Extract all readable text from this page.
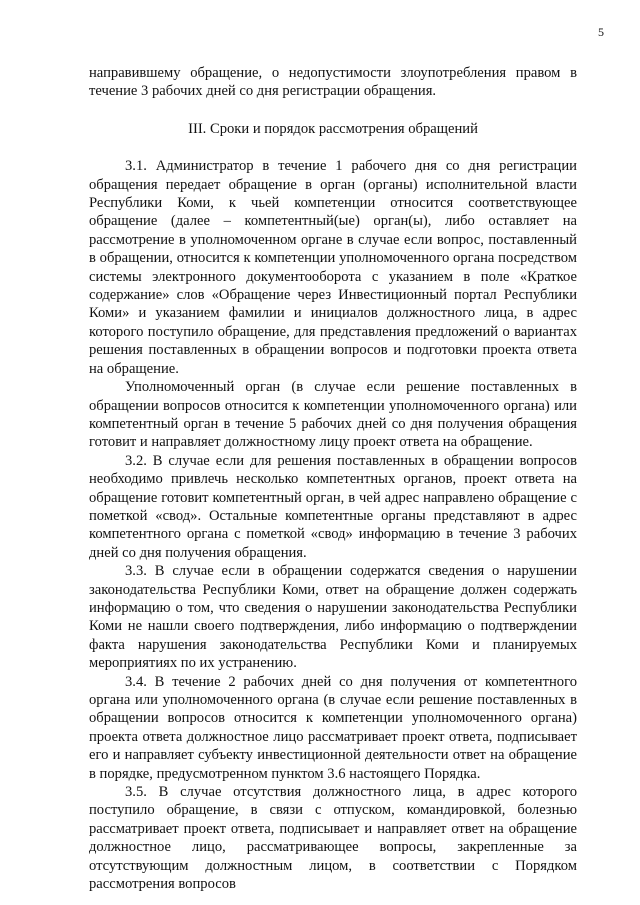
5

направившему обращение, о недопустимости злоупотребления правом в течение 3 рабочих дней со дня регистрации обращения.

III. Сроки и порядок рассмотрения обращений

3.1. Администратор в течение 1 рабочего дня со дня регистрации обращения передает обращение в орган (органы) исполнительной власти Республики Коми, к чьей компетенции относится соответствующее обращение (далее – компетентный(ые) орган(ы), либо оставляет на рассмотрение в уполномоченном органе в случае если вопрос, поставленный в обращении, относится к компетенции уполномоченного органа посредством системы электронного документооборота с указанием в поле «Краткое содержание» слов «Обращение через Инвестиционный портал Республики Коми» и указанием фамилии и инициалов должностного лица, в адрес которого поступило обращение, для представления предложений о вариантах решения поставленных в обращении вопросов и подготовки проекта ответа на обращение.

Уполномоченный орган (в случае если решение поставленных в обращении вопросов относится к компетенции уполномоченного органа) или компетентный орган в течение 5 рабочих дней со дня получения обращения готовит и направляет должностному лицу проект ответа на обращение.

3.2. В случае если для решения поставленных в обращении вопросов необходимо привлечь несколько компетентных органов, проект ответа на обращение готовит компетентный орган, в чей адрес направлено обращение с пометкой «свод». Остальные компетентные органы представляют в адрес компетентного органа с пометкой «свод» информацию в течение 3 рабочих дней со дня получения обращения.

3.3. В случае если в обращении содержатся сведения о нарушении законодательства Республики Коми, ответ на обращение должен содержать информацию о том, что сведения о нарушении законодательства Республики Коми не нашли своего подтверждения, либо информацию о подтверждении факта нарушения законодательства Республики Коми и планируемых мероприятиях по их устранению.

3.4. В течение 2 рабочих дней со дня получения от компетентного органа или уполномоченного органа (в случае если решение поставленных в обращении вопросов относится к компетенции уполномоченного органа) проекта ответа должностное лицо рассматривает проект ответа, подписывает его и направляет субъекту инвестиционной деятельности ответ на обращение в порядке, предусмотренном пунктом 3.6 настоящего Порядка.

3.5. В случае отсутствия должностного лица, в адрес которого поступило обращение, в связи с отпуском, командировкой, болезнью рассматривает проект ответа, подписывает и направляет ответ на обращение должностное лицо, рассматривающее вопросы, закрепленные за отсутствующим должностным лицом, в соответствии с Порядком рассмотрения вопросов
